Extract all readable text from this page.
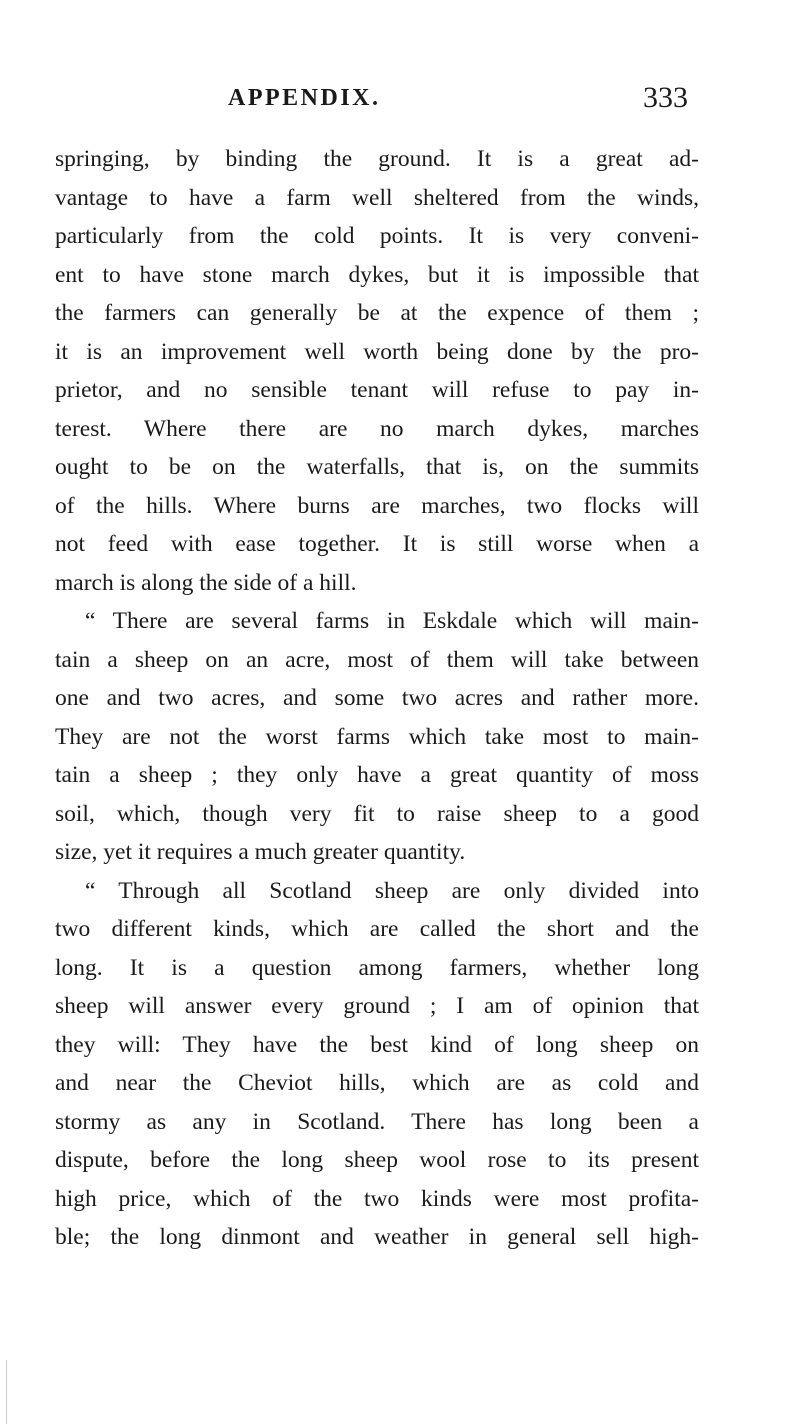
APPENDIX.	333
springing, by binding the ground. It is a great ad-
vantage to have a farm well sheltered from the winds,
particularly from the cold points. It is very conveni-
ent to have stone march dykes, but it is impossible that
the farmers can generally be at the expence of them ;
it is an improvement well worth being done by the pro-
prietor, and no sensible tenant will refuse to pay in-
terest. Where there are no march dykes, marches
ought to be on the waterfalls, that is, on the summits
of the hills. Where burns are marches, two flocks will
not feed with ease together. It is still worse when a
march is along the side of a hill.
“ There are several farms in Eskdale which will main-
tain a sheep on an acre, most of them will take between
one and two acres, and some two acres and rather more.
They are not the worst farms which take most to main-
tain a sheep ; they only have a great quantity of moss
soil, which, though very fit to raise sheep to a good
size, yet it requires a much greater quantity.
“ Through all Scotland sheep are only divided into
two different kinds, which are called the short and the
long. It is a question among farmers, whether long
sheep will answer every ground ; I am of opinion that
they will: They have the best kind of long sheep on
and near the Cheviot hills, which are as cold and
stormy as any in Scotland. There has long been a
dispute, before the long sheep wool rose to its present
high price, which of the two kinds were most profita-
ble; the long dinmont and weather in general sell high-
